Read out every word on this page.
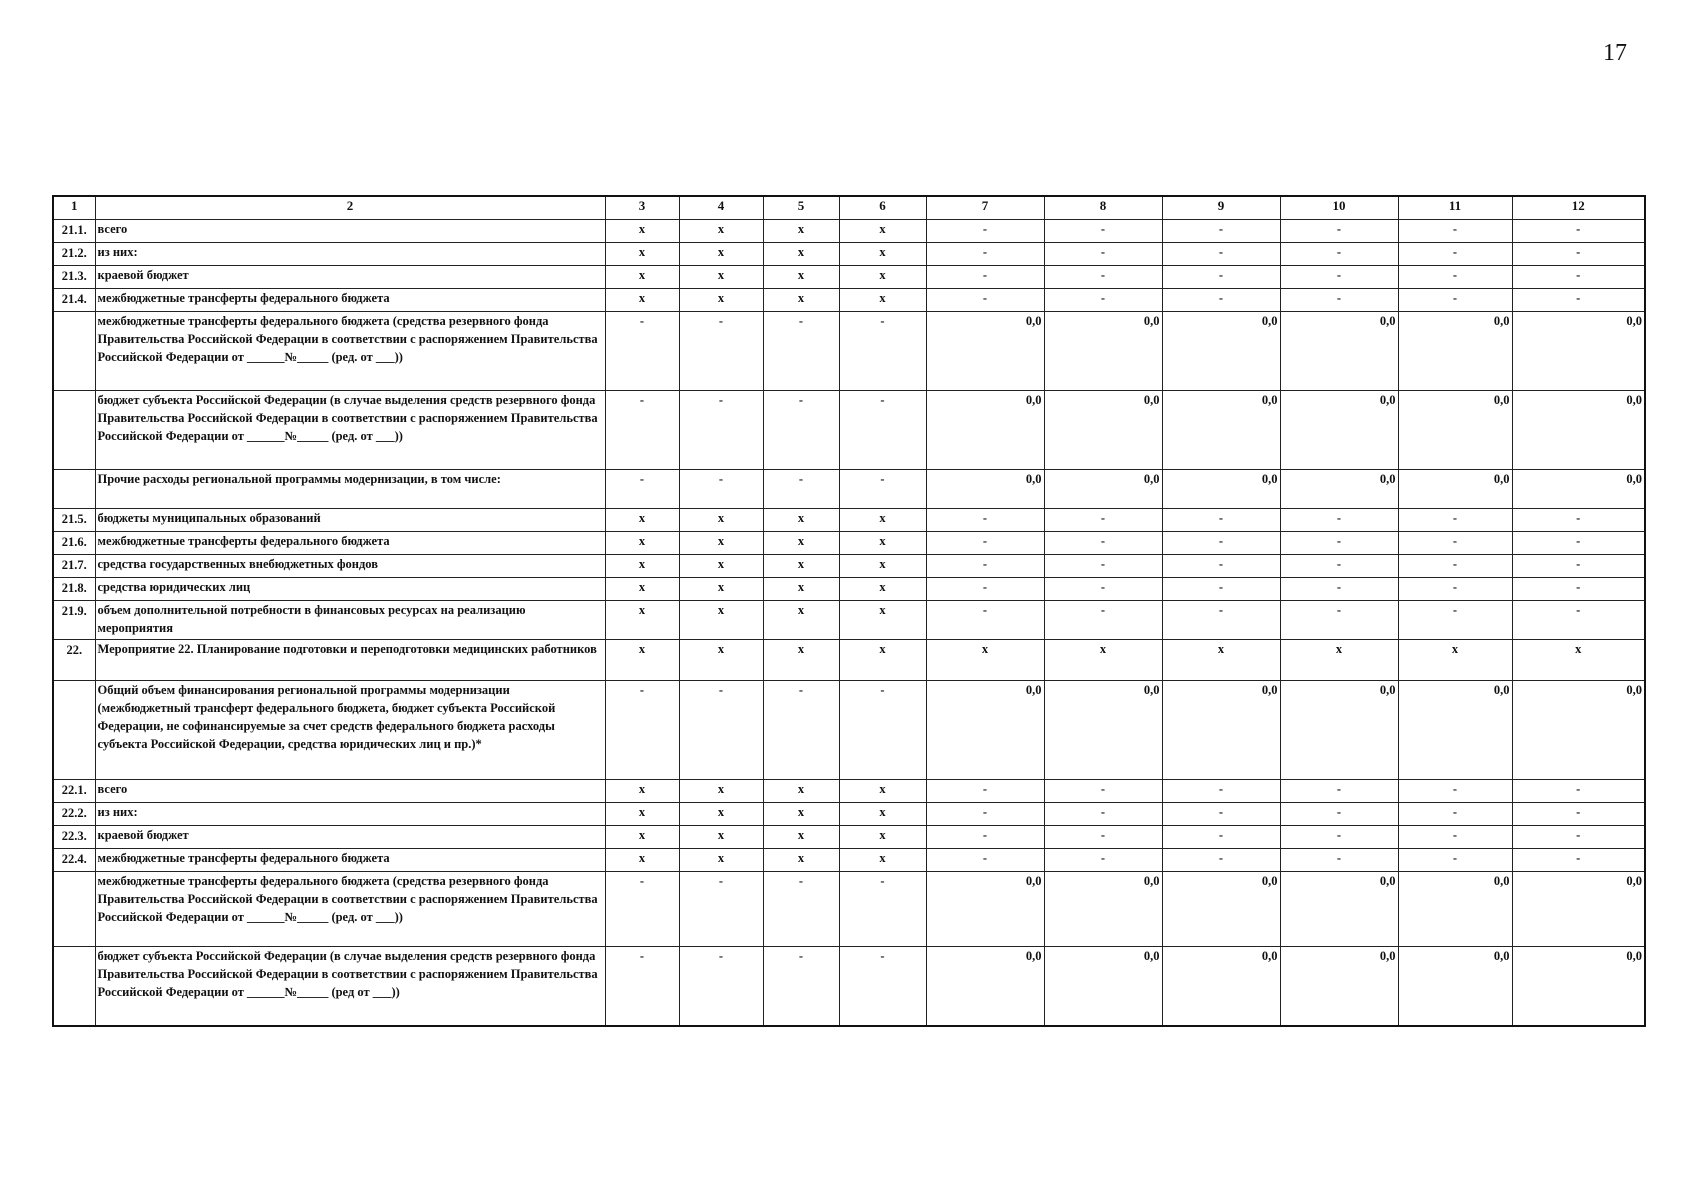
17
1	2	3	4	5	6	7	8	9	10	11	12
21.1.	всего	x	x	x	x	-	-	-	-	-	-
21.2.	из них:	x	x	x	x	-	-	-	-	-	-
21.3.	краевой бюджет	x	x	x	x	-	-	-	-	-	-
21.4.	межбюджетные трансферты федерального бюджета	x	x	x	x	-	-	-	-	-	-
	межбюджетные трансферты федерального бюджета (средства резервного фонда Правительства Российской Федерации в соответствии с распоряжением Правительства Российской Федерации от ______№_____ (ред. от ___))	-	-	-	-	0,0	0,0	0,0	0,0	0,0	0,0
	бюджет субъекта Российской Федерации (в случае выделения средств резервного фонда Правительства Российской Федерации в соответствии с распоряжением Правительства Российской Федерации от ______№_____ (ред. от ___))	-	-	-	-	0,0	0,0	0,0	0,0	0,0	0,0
	Прочие расходы региональной программы модернизации, в том числе:	-	-	-	-	0,0	0,0	0,0	0,0	0,0	0,0
21.5.	бюджеты муниципальных образований	x	x	x	x	-	-	-	-	-	-
21.6.	межбюджетные трансферты федерального бюджета	x	x	x	x	-	-	-	-	-	-
21.7.	средства государственных внебюджетных фондов	x	x	x	x	-	-	-	-	-	-
21.8.	средства юридических лиц	x	x	x	x	-	-	-	-	-	-
21.9.	объем дополнительной потребности в финансовых ресурсах на реализацию мероприятия	x	x	x	x	-	-	-	-	-	-
22.	Мероприятие 22. Планирование подготовки и переподготовки медицинских работников	x	x	x	x	x	x	x	x	x	x
	Общий объем финансирования региональной программы модернизации (межбюджетный трансферт федерального бюджета, бюджет субъекта Российской Федерации, не софинансируемые за счет средств федерального бюджета расходы субъекта Российской Федерации, средства юридических лиц и пр.)*	-	-	-	-	0,0	0,0	0,0	0,0	0,0	0,0
22.1.	всего	x	x	x	x	-	-	-	-	-	-
22.2.	из них:	x	x	x	x	-	-	-	-	-	-
22.3.	краевой бюджет	x	x	x	x	-	-	-	-	-	-
22.4.	межбюджетные трансферты федерального бюджета	x	x	x	x	-	-	-	-	-	-
	межбюджетные трансферты федерального бюджета (средства резервного фонда Правительства Российской Федерации в соответствии с распоряжением Правительства Российской Федерации от ______№_____ (ред. от ___))	-	-	-	-	0,0	0,0	0,0	0,0	0,0	0,0
	бюджет субъекта Российской Федерации (в случае выделения средств резервного фонда Правительства Российской Федерации в соответствии с распоряжением Правительства Российской Федерации от ______№_____ (ред от ___))	-	-	-	-	0,0	0,0	0,0	0,0	0,0	0,0
